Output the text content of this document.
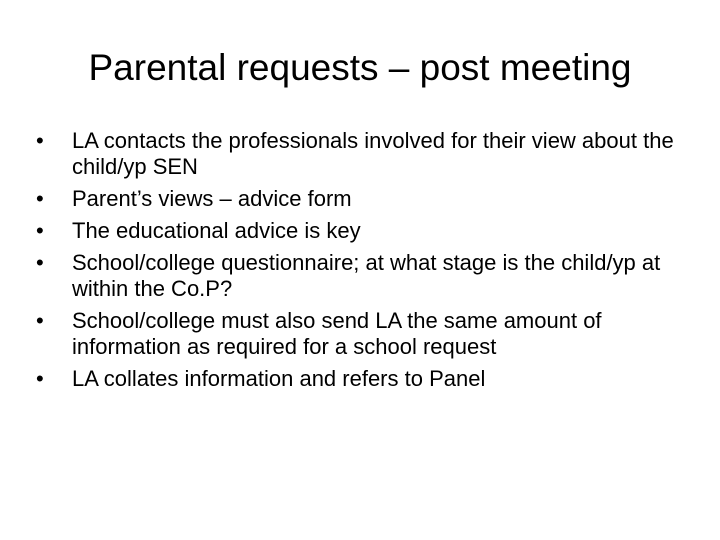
Parental requests – post meeting
•	LA contacts the professionals involved for their view about the child/yp SEN
•	Parent’s views – advice form
•	The educational advice is key
•	School/college questionnaire; at what stage is the child/yp at within the Co.P?
•	School/college must also send LA the same amount of information as required for a school request
•	LA collates information and refers to Panel
